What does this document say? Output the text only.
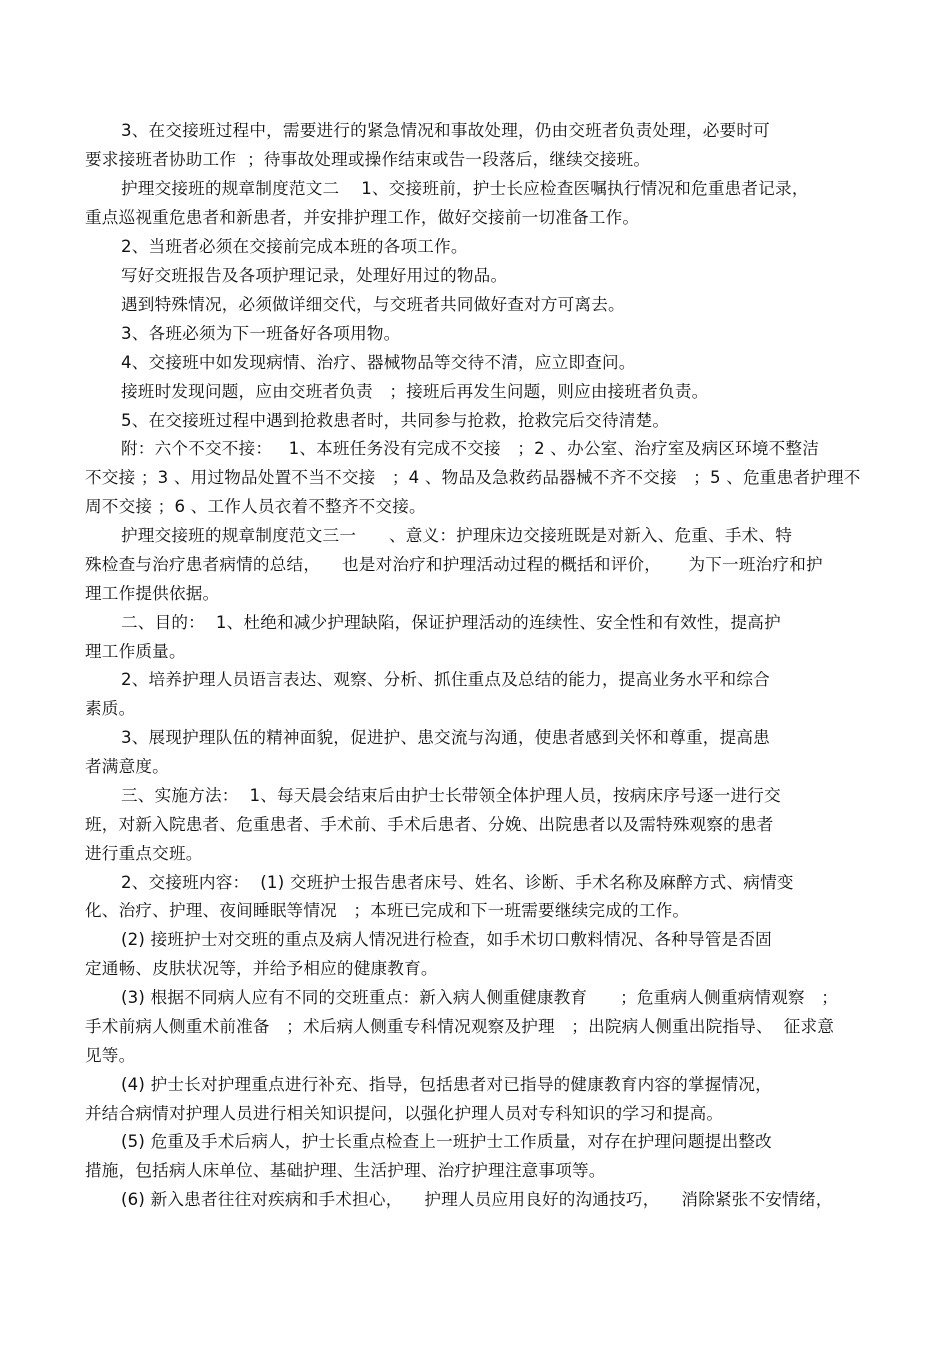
3、在交接班过程中，需要进行的紧急情况和事故处理，仍由交班者负责处理，必要时可
要求接班者协助工作  ；待事故处理或操作结束或告一段落后，继续交接班。
护理交接班的规章制度范文二    1、交接班前，护士长应检查医嘱执行情况和危重患者记录，
重点巡视重危患者和新患者，并安排护理工作，做好交接前一切准备工作。
2、当班者必须在交接前完成本班的各项工作。
写好交班报告及各项护理记录，处理好用过的物品。
遇到特殊情况，必须做详细交代，与交班者共同做好查对方可离去。
3、各班必须为下一班备好各项用物。
4、交接班中如发现病情、治疗、器械物品等交待不清，应立即查问。
接班时发现问题，应由交班者负责   ；接班后再发生问题，则应由接班者负责。
5、在交接班过程中遇到抢救患者时，共同参与抢救，抢救完后交待清楚。
附：六个不交不接：   1、本班任务没有完成不交接   ；2 、办公室、治疗室及病区环境不整洁
不交接 ；3 、用过物品处置不当不交接   ；4 、物品及急救药品器械不齐不交接   ；5 、危重患者护理不
周不交接 ；6 、工作人员衣着不整齐不交接。
护理交接班的规章制度范文三一      、意义：护理床边交接班既是对新入、危重、手术、特
殊检查与治疗患者病情的总结，    也是对治疗和护理活动过程的概括和评价，     为下一班治疗和护
理工作提供依据。
二、目的：  1、杜绝和减少护理缺陷，保证护理活动的连续性、安全性和有效性，提高护
理工作质量。
2、培养护理人员语言表达、观察、分析、抓住重点及总结的能力，提高业务水平和综合
素质。
3、展现护理队伍的精神面貌，促进护、患交流与沟通，使患者感到关怀和尊重，提高患
者满意度。
三、实施方法：  1、每天晨会结束后由护士长带领全体护理人员，按病床序号逐一进行交
班，对新入院患者、危重患者、手术前、手术后患者、分娩、出院患者以及需特殊观察的患者
进行重点交班。
2、交接班内容：  (1) 交班护士报告患者床号、姓名、诊断、手术名称及麻醉方式、病情变
化、治疗、护理、夜间睡眠等情况   ；本班已完成和下一班需要继续完成的工作。
(2) 接班护士对交班的重点及病人情况进行检查，如手术切口敷料情况、各种导管是否固
定通畅、皮肤状况等，并给予相应的健康教育。
(3) 根据不同病人应有不同的交班重点：新入病人侧重健康教育      ；危重病人侧重病情观察   ；
手术前病人侧重术前准备   ；术后病人侧重专科情况观察及护理   ；出院病人侧重出院指导、  征求意
见等。
(4) 护士长对护理重点进行补充、指导，包括患者对已指导的健康教育内容的掌握情况，
并结合病情对护理人员进行相关知识提问，以强化护理人员对专科知识的学习和提高。
(5) 危重及手术后病人，护士长重点检查上一班护士工作质量，对存在护理问题提出整改
措施，包括病人床单位、基础护理、生活护理、治疗护理注意事项等。
(6) 新入患者往往对疾病和手术担心，    护理人员应用良好的沟通技巧，    消除紧张不安情绪，
